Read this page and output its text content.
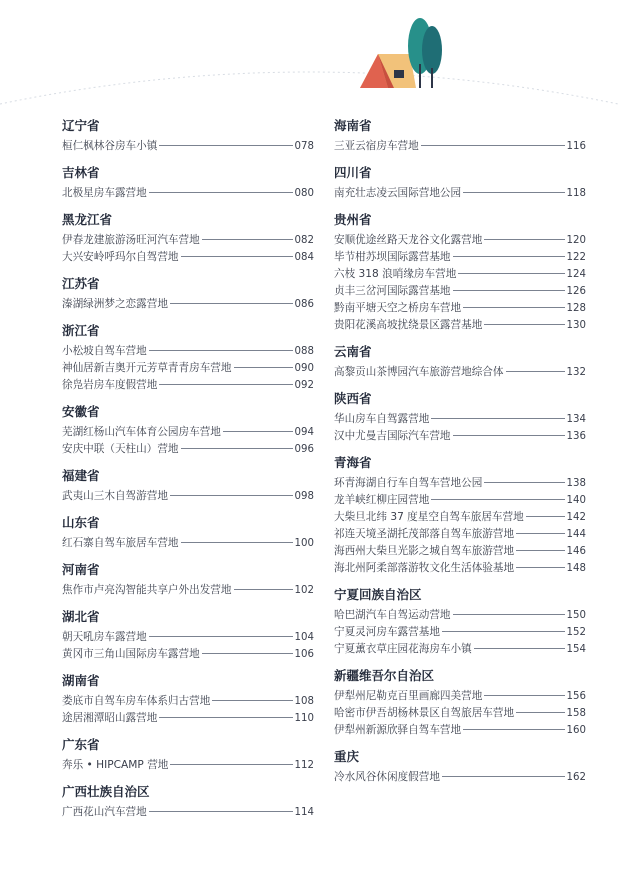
辽宁省
桓仁枫林谷房车小镇	078
吉林省
北极星房车露营地	080
黑龙江省
伊春龙建旅游汤旺河汽车营地	082
大兴安岭呼玛尔自驾营地	084
江苏省
溱湖绿洲梦之恋露营地	086
浙江省
小松坡自驾车营地	088
神仙居新吉奥开元芳草青青房车营地	090
徐凫岩房车度假营地	092
安徽省
芜湖红杨山汽车体育公园房车营地	094
安庆中联（天柱山）营地	096
福建省
武夷山三木自驾游营地	098
山东省
红石寨自驾车旅居车营地	100
河南省
焦作市卢亮沟智能共享户外出发营地	102
湖北省
朝天吼房车露营地	104
黄冈市三角山国际房车露营地	106
湖南省
娄底市自驾车房车体系归古营地	108
途居湘潭昭山露营地	110
广东省
奔乐 • HIPCAMP 营地	112
广西壮族自治区
广西花山汽车营地	114
海南省
三亚云宿房车营地	116
四川省
南充壮志凌云国际营地公园	118
贵州省
安顺优途丝路天龙谷文化露营地	120
毕节柑苏坝国际露营基地	122
六枝 318 浪哨缘房车营地	124
贞丰三岔河国际露营基地	126
黔南平塘天空之桥房车营地	128
贵阳花溪高坡扰绕景区露营基地	130
云南省
高黎贡山茶博园汽车旅游营地综合体	132
陕西省
华山房车自驾露营地	134
汉中尤曼吉国际汽车营地	136
青海省
环青海湖自行车自驾车营地公园	138
龙羊峡红柳庄园营地	140
大柴旦北纬 37 度星空自驾车旅居车营地	142
祁连天境圣湖托茂部落自驾车旅游营地	144
海西州大柴旦光影之城自驾车旅游营地	146
海北州阿柔部落游牧文化生活体验基地	148
宁夏回族自治区
哈巴湖汽车自驾运动营地	150
宁夏灵河房车露营基地	152
宁夏薰衣草庄园花海房车小镇	154
新疆维吾尔自治区
伊犁州尼勒克百里画廊四美营地	156
哈密市伊吾胡杨林景区自驾旅居车营地	158
伊犁州新源欣驿自驾车营地	160
重庆
冷水风谷休闲度假营地	162
